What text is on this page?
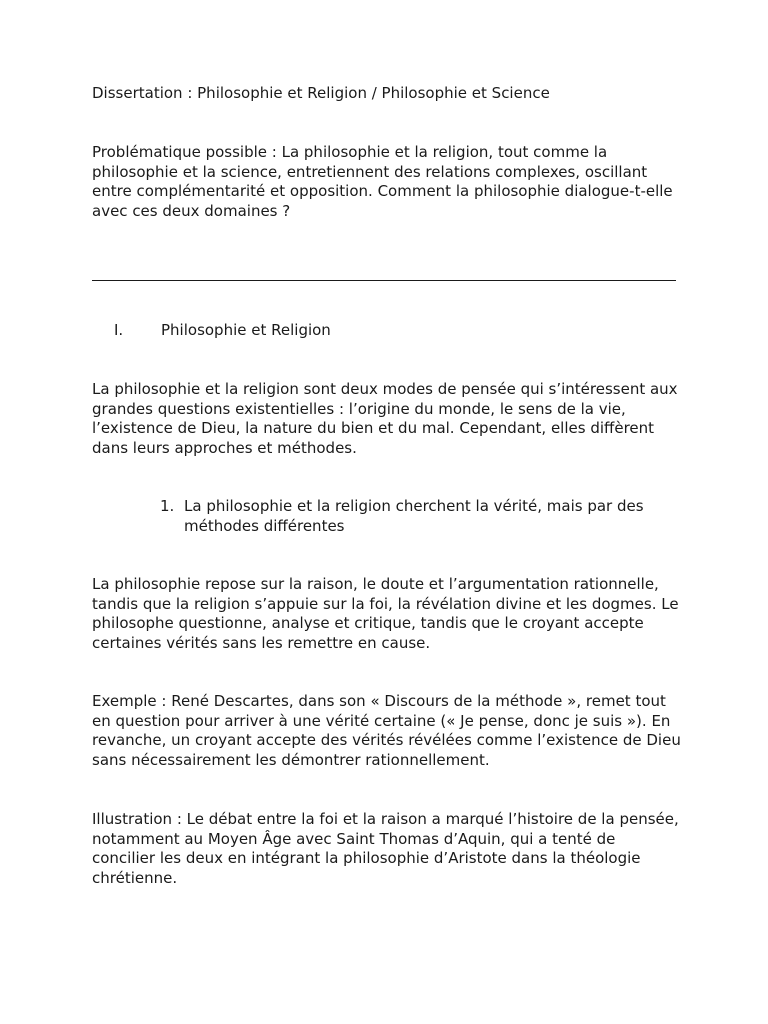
Dissertation : Philosophie et Religion / Philosophie et Science

Problématique possible : La philosophie et la religion, tout comme la philosophie et la science, entretiennent des relations complexes, oscillant entre complémentarité et opposition. Comment la philosophie dialogue-t-elle avec ces deux domaines ?

I.	Philosophie et Religion

La philosophie et la religion sont deux modes de pensée qui s’intéressent aux grandes questions existentielles : l’origine du monde, le sens de la vie, l’existence de Dieu, la nature du bien et du mal. Cependant, elles diffèrent dans leurs approches et méthodes.

1. La philosophie et la religion cherchent la vérité, mais par des méthodes différentes

La philosophie repose sur la raison, le doute et l’argumentation rationnelle, tandis que la religion s’appuie sur la foi, la révélation divine et les dogmes. Le philosophe questionne, analyse et critique, tandis que le croyant accepte certaines vérités sans les remettre en cause.

Exemple : René Descartes, dans son « Discours de la méthode », remet tout en question pour arriver à une vérité certaine (« Je pense, donc je suis »). En revanche, un croyant accepte des vérités révélées comme l’existence de Dieu sans nécessairement les démontrer rationnellement.

Illustration : Le débat entre la foi et la raison a marqué l’histoire de la pensée, notamment au Moyen Âge avec Saint Thomas d’Aquin, qui a tenté de concilier les deux en intégrant la philosophie d’Aristote dans la théologie chrétienne.
